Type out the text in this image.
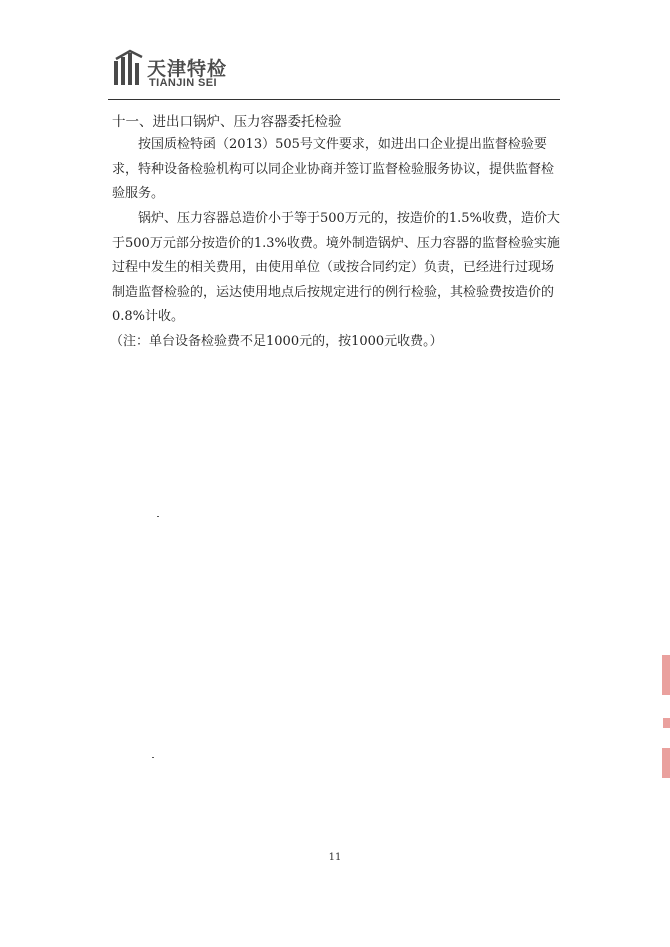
天津特检
TIANJIN SEI
十一、进出口锅炉、压力容器委托检验

按国质检特函（2013）505号文件要求，如进出口企业提出监督检验要求，特种设备检验机构可以同企业协商并签订监督检验服务协议，提供监督检验服务。

锅炉、压力容器总造价小于等于500万元的，按造价的1.5%收费，造价大于500万元部分按造价的1.3%收费。境外制造锅炉、压力容器的监督检验实施过程中发生的相关费用，由使用单位（或按合同约定）负责，已经进行过现场制造监督检验的，运达使用地点后按规定进行的例行检验，其检验费按造价的0.8%计收。

（注：单台设备检验费不足1000元的，按1000元收费。）

11
